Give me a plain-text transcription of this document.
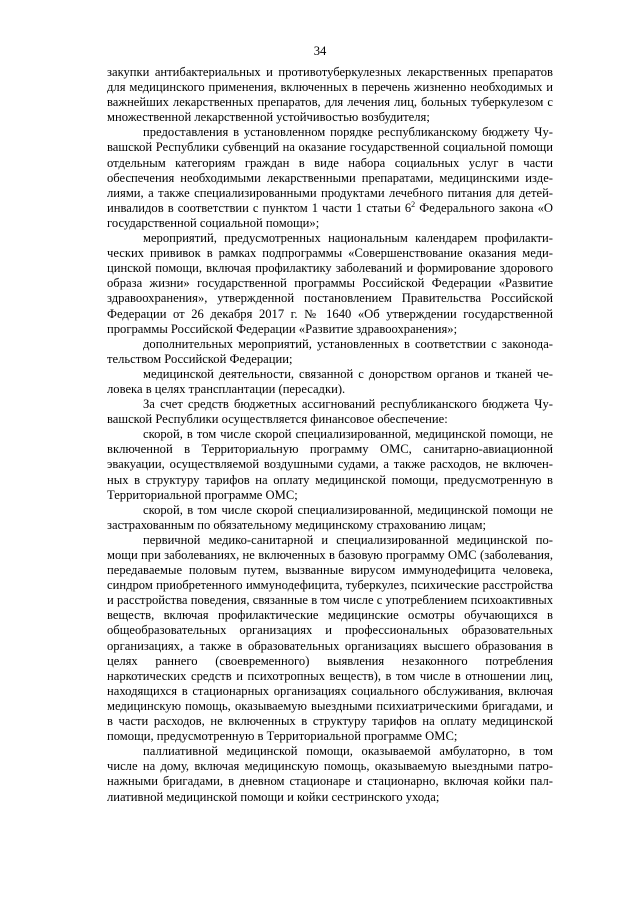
34

закупки антибактериальных и противотуберкулезных лекарственных препаратов для медицинского применения, включенных в перечень жизненно необходимых и важнейших лекарственных препаратов, для лечения лиц, больных туберкулезом с множественной лекарственной устойчивостью возбудителя;

предоставления в установленном порядке республиканскому бюджету Чувашской Республики субвенций на оказание государственной социальной помощи отдельным категориям граждан в виде набора социальных услуг в части обеспечения необходимыми лекарственными препаратами, медицинскими изделиями, а также специализированными продуктами лечебного питания для детей-инвалидов в соответствии с пунктом 1 части 1 статьи $6^2$ Федерального закона «О государственной социальной помощи»;

мероприятий, предусмотренных национальным календарем профилактических прививок в рамках подпрограммы «Совершенствование оказания медицинской помощи, включая профилактику заболеваний и формирование здорового образа жизни» государственной программы Российской Федерации «Развитие здравоохранения», утвержденной постановлением Правительства Российской Федерации от 26 декабря 2017 г. № 1640 «Об утверждении государственной программы Российской Федерации «Развитие здравоохранения»;

дополнительных мероприятий, установленных в соответствии с законодательством Российской Федерации;

медицинской деятельности, связанной с донорством органов и тканей человека в целях трансплантации (пересадки).

За счет средств бюджетных ассигнований республиканского бюджета Чувашской Республики осуществляется финансовое обеспечение:

скорой, в том числе скорой специализированной, медицинской помощи, не включенной в Территориальную программу ОМС, санитарно-авиационной эвакуации, осуществляемой воздушными судами, а также расходов, не включенных в структуру тарифов на оплату медицинской помощи, предусмотренную в Территориальной программе ОМС;

скорой, в том числе скорой специализированной, медицинской помощи не застрахованным по обязательному медицинскому страхованию лицам;

первичной медико-санитарной и специализированной медицинской помощи при заболеваниях, не включенных в базовую программу ОМС (заболевания, передаваемые половым путем, вызванные вирусом иммунодефицита человека, синдром приобретенного иммунодефицита, туберкулез, психические расстройства и расстройства поведения, связанные в том числе с употреблением психоактивных веществ, включая профилактические медицинские осмотры обучающихся в общеобразовательных организациях и профессиональных образовательных организациях, а также в образовательных организациях высшего образования в целях раннего (своевременного) выявления незаконного потребления наркотических средств и психотропных веществ), в том числе в отношении лиц, находящихся в стационарных организациях социального обслуживания, включая медицинскую помощь, оказываемую выездными психиатрическими бригадами, и в части расходов, не включенных в структуру тарифов на оплату медицинской помощи, предусмотренную в Территориальной программе ОМС;

паллиативной медицинской помощи, оказываемой амбулаторно, в том числе на дому, включая медицинскую помощь, оказываемую выездными патронажными бригадами, в дневном стационаре и стационарно, включая койки паллиативной медицинской помощи и койки сестринского ухода;
